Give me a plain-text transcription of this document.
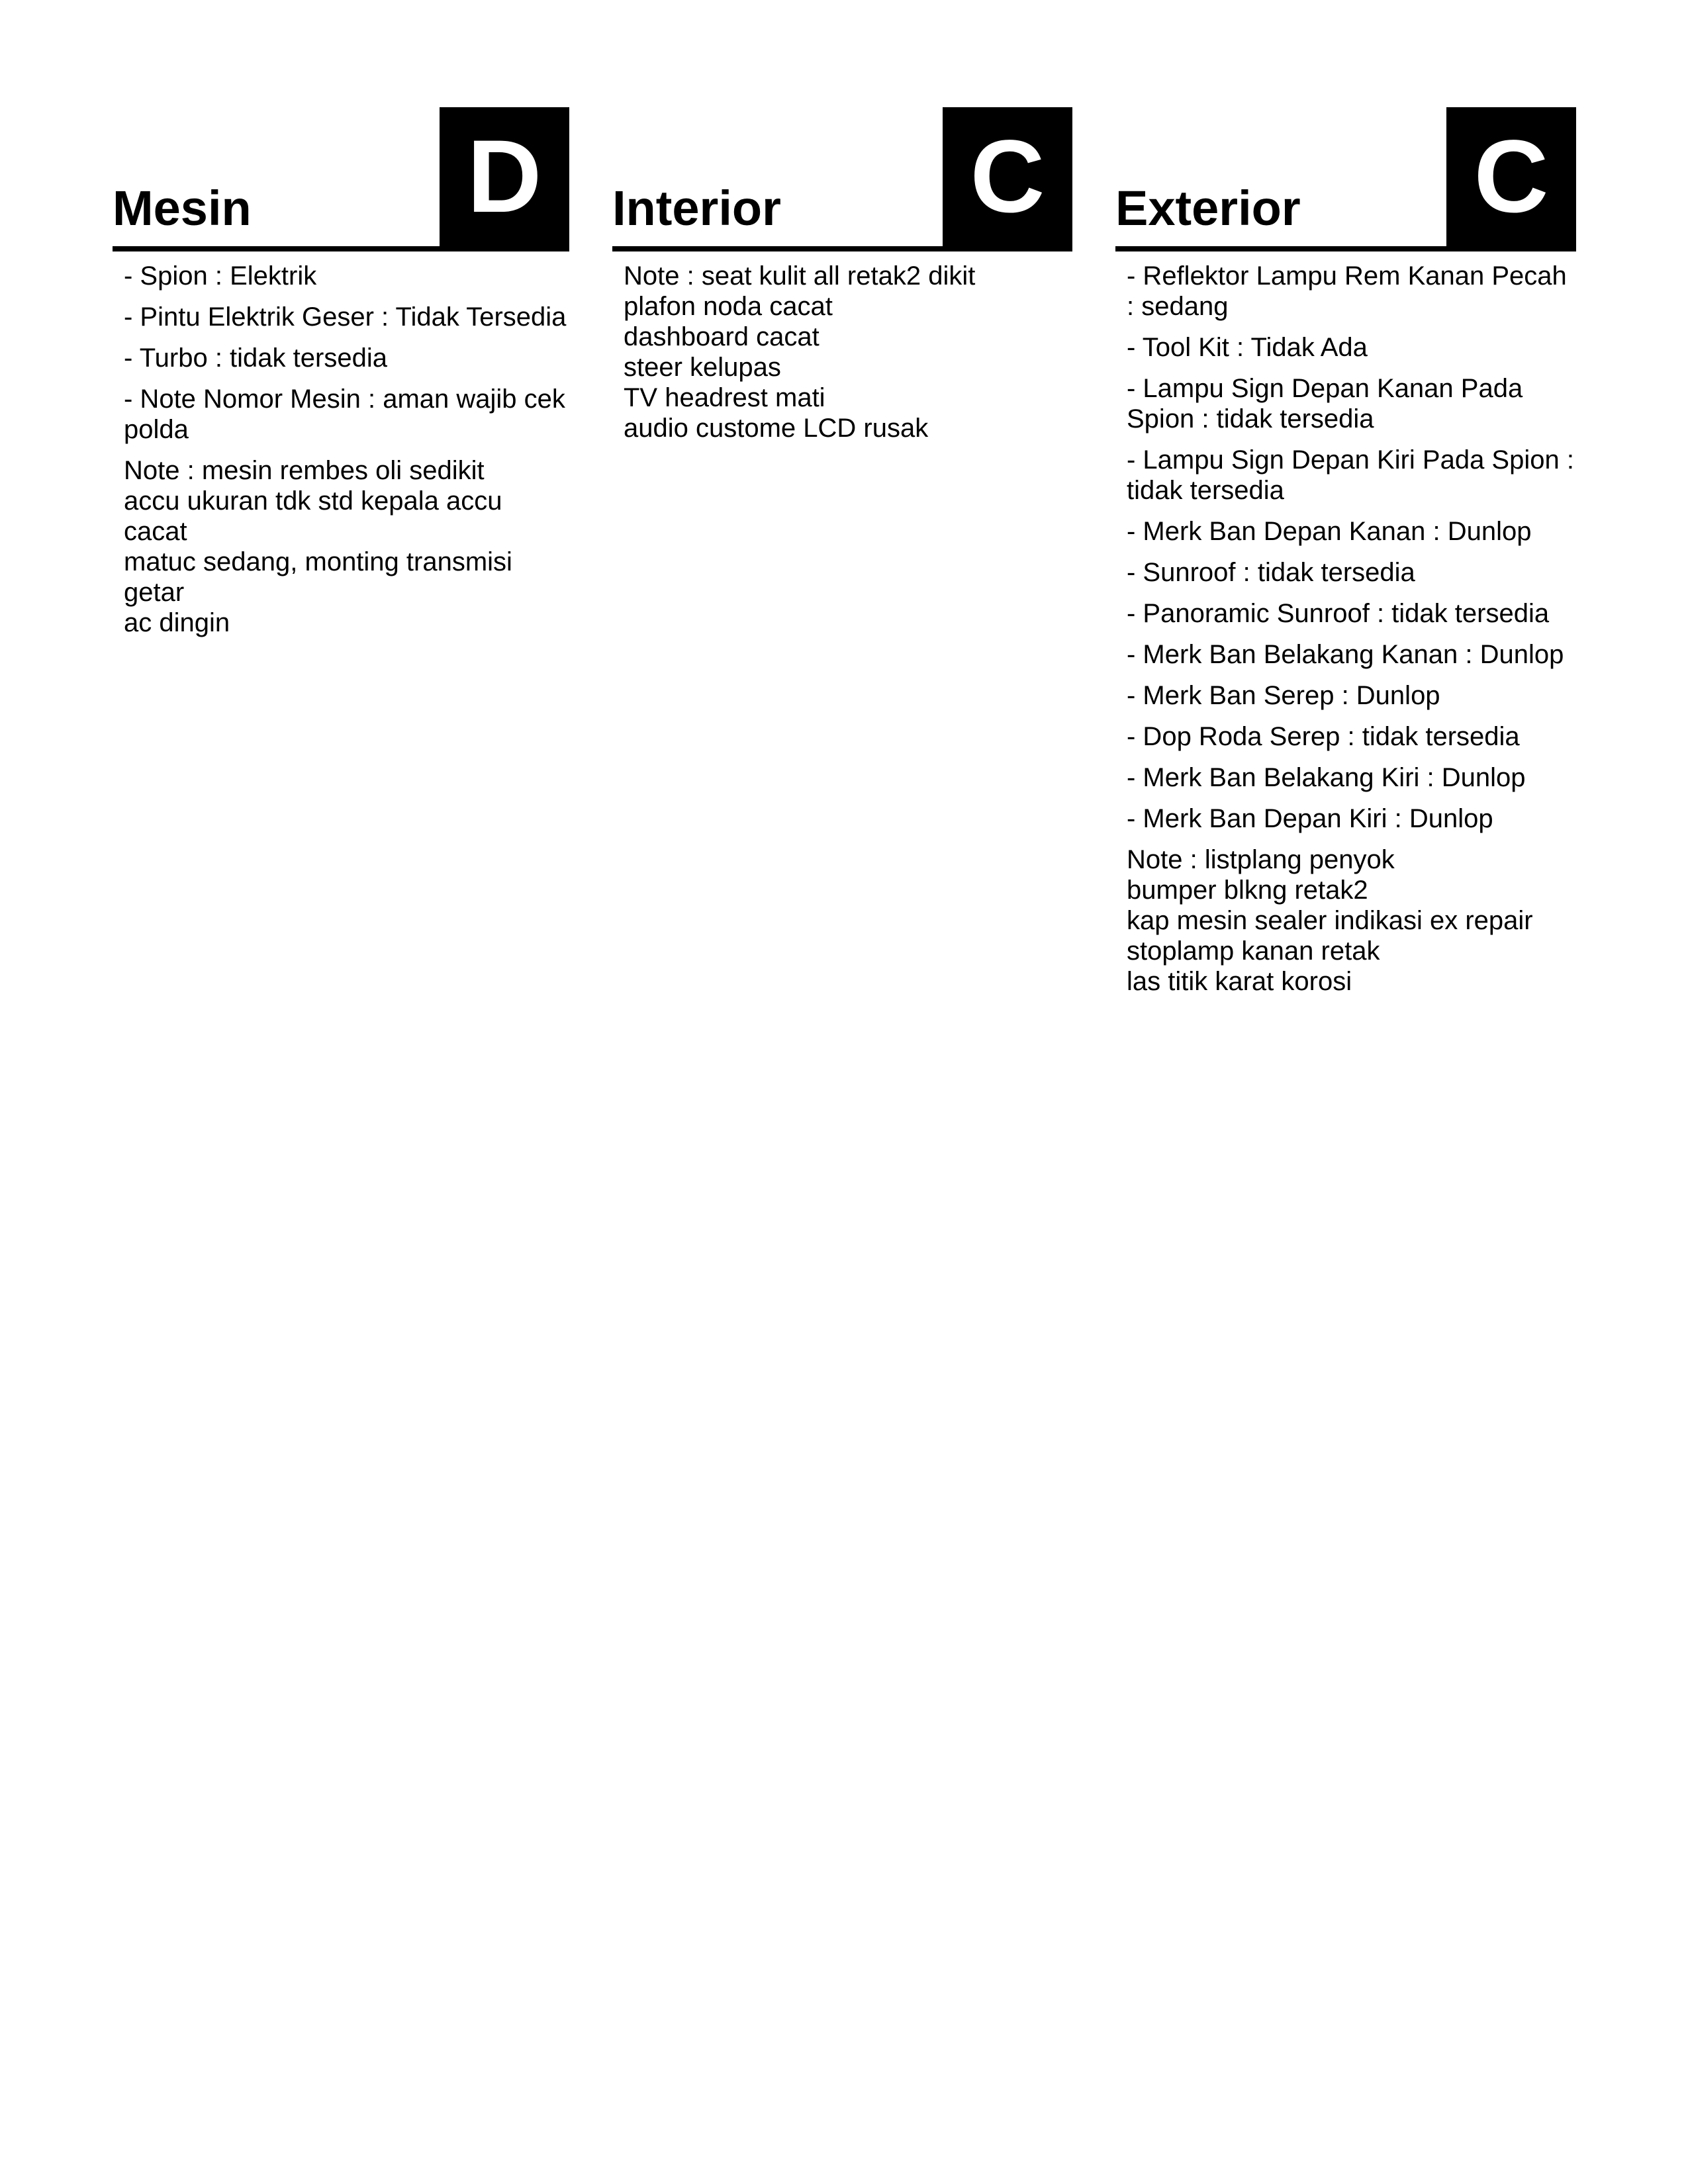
Mesin D
- Spion : Elektrik
- Pintu Elektrik Geser : Tidak Tersedia
- Turbo : tidak tersedia
- Note Nomor Mesin : aman wajib cek polda
Note : mesin rembes oli sedikit
accu ukuran tdk std kepala accu cacat
matuc sedang, monting transmisi getar
ac dingin
Interior C
Note : seat kulit all retak2 dikit
plafon noda cacat
dashboard cacat
steer kelupas
TV headrest mati
audio custome LCD rusak
Exterior C
- Reflektor Lampu Rem Kanan Pecah : sedang
- Tool Kit : Tidak Ada
- Lampu Sign Depan Kanan Pada Spion : tidak tersedia
- Lampu Sign Depan Kiri Pada Spion : tidak tersedia
- Merk Ban Depan Kanan : Dunlop
- Sunroof : tidak tersedia
- Panoramic Sunroof : tidak tersedia
- Merk Ban Belakang Kanan : Dunlop
- Merk Ban Serep : Dunlop
- Dop Roda Serep : tidak tersedia
- Merk Ban Belakang Kiri : Dunlop
- Merk Ban Depan Kiri : Dunlop
Note : listplang penyok
bumper blkng retak2
kap mesin sealer indikasi ex repair
stoplamp kanan retak
las titik karat korosi
